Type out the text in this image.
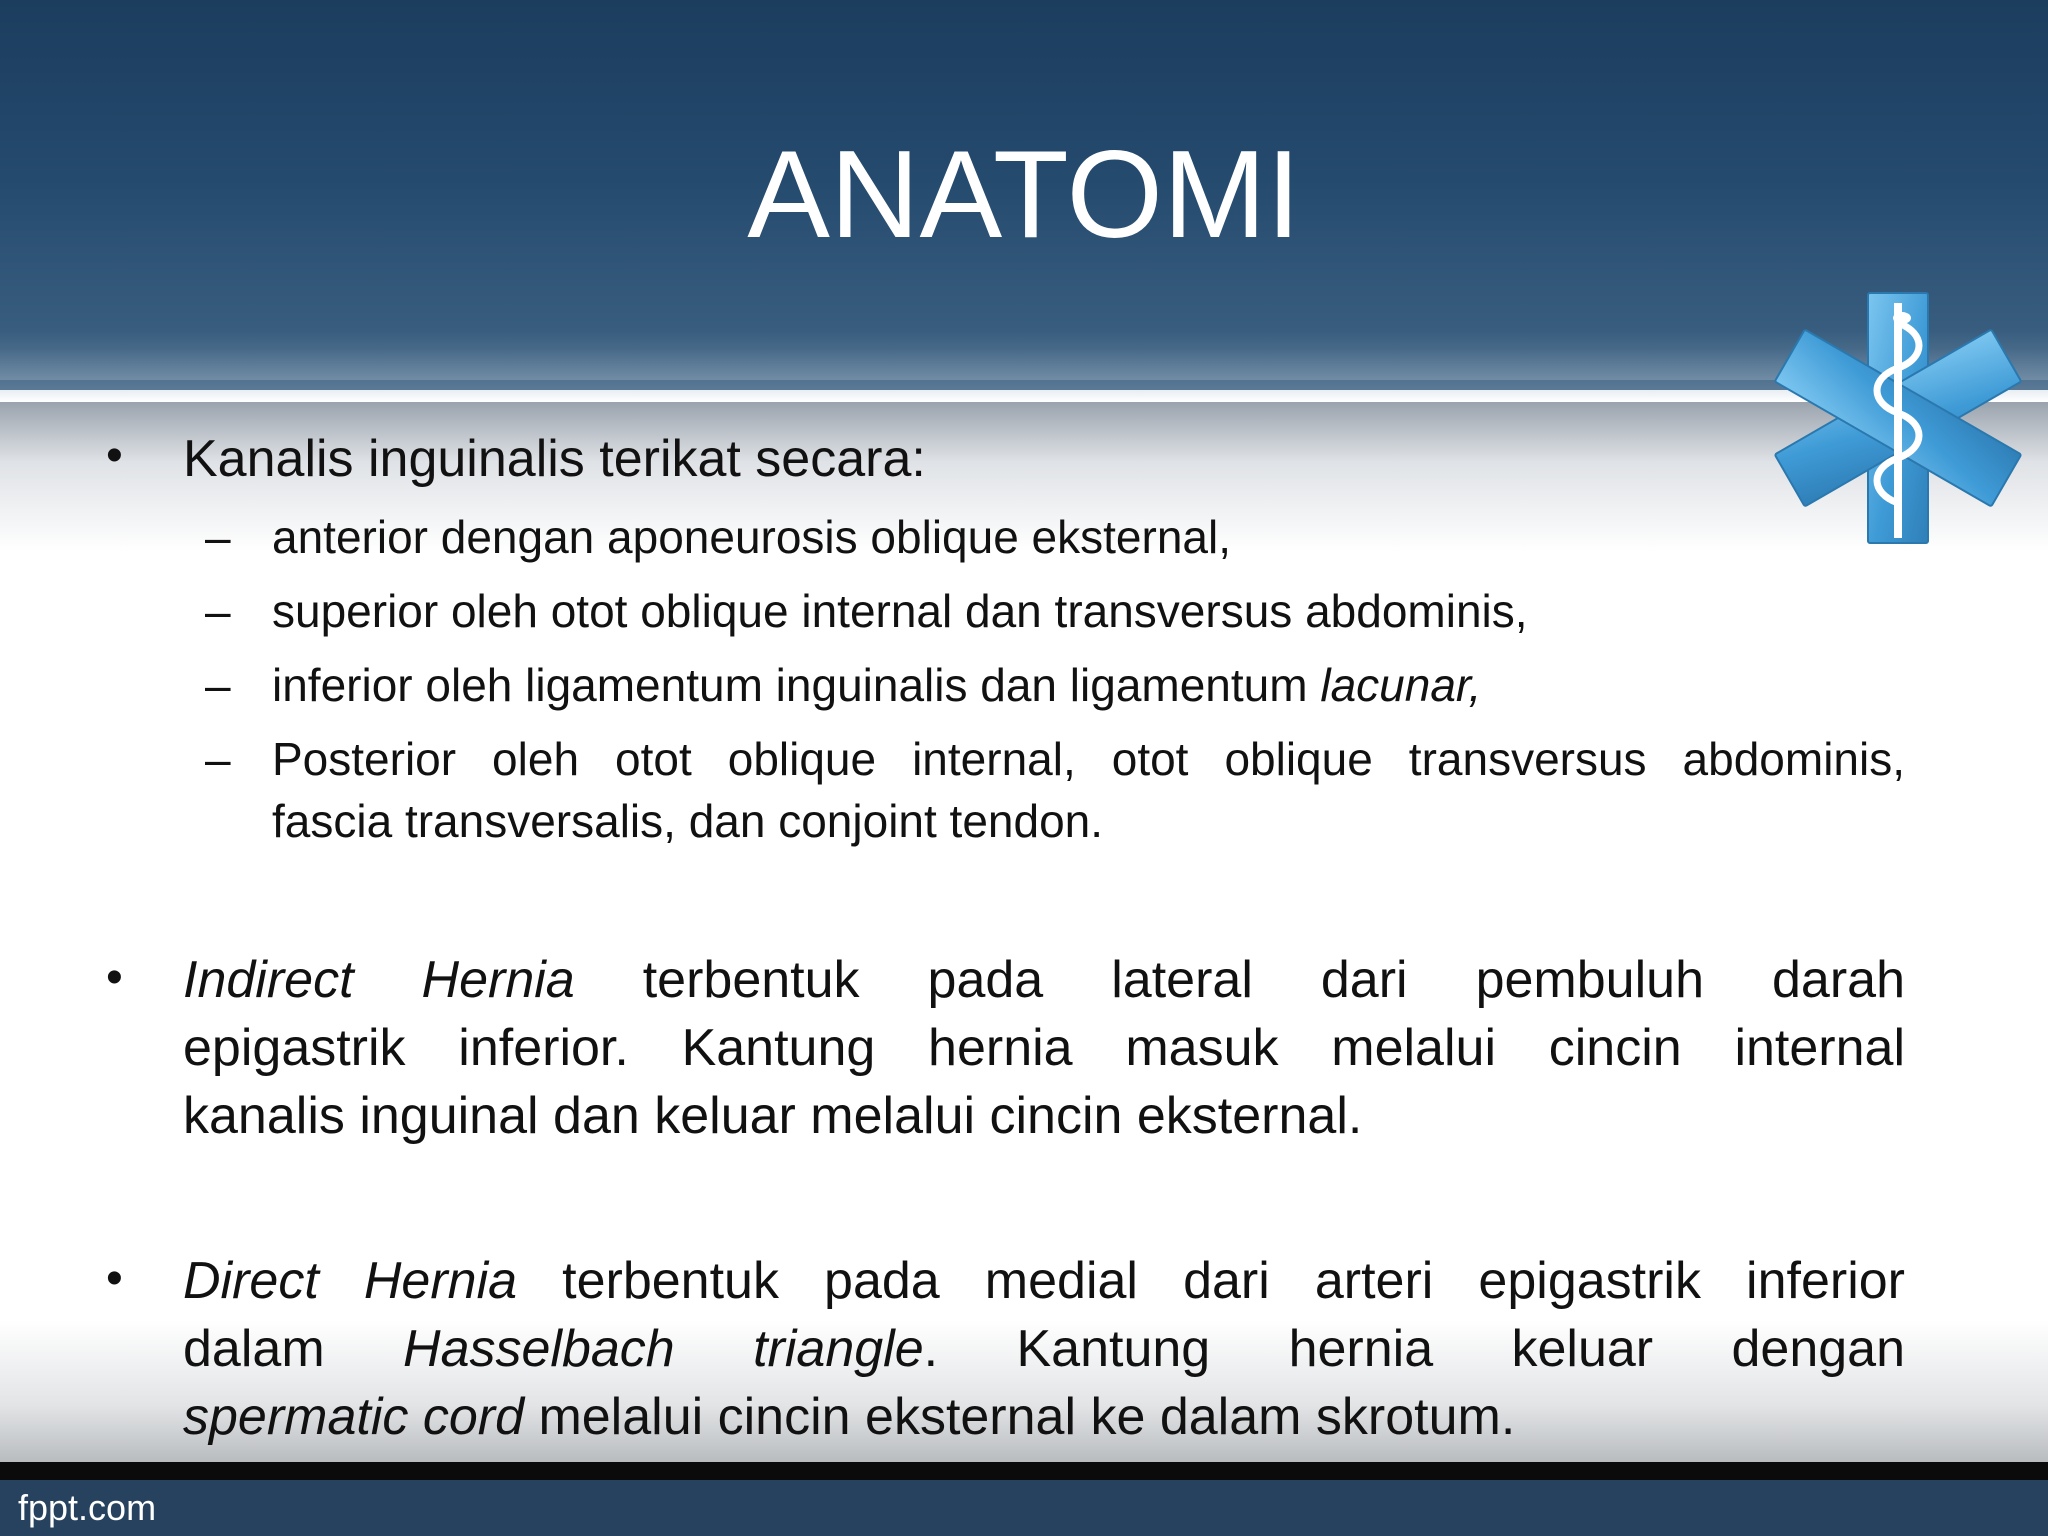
fppt.com
ANATOMI
• Kanalis inguinalis terikat secara:
– anterior dengan aponeurosis oblique eksternal,
– superior oleh otot oblique internal dan transversus abdominis,
– inferior oleh ligamentum inguinalis dan ligamentum lacunar,
– Posterior oleh otot oblique internal, otot oblique transversus abdominis,
fascia transversalis, dan conjoint tendon.
• Indirect Hernia terbentuk pada lateral dari pembuluh darah
epigastrik inferior. Kantung hernia masuk melalui cincin internal
kanalis inguinal dan keluar melalui cincin eksternal.
• Direct Hernia terbentuk pada medial dari arteri epigastrik inferior
dalam Hasselbach triangle. Kantung hernia keluar dengan
spermatic cord melalui cincin eksternal ke dalam skrotum.
